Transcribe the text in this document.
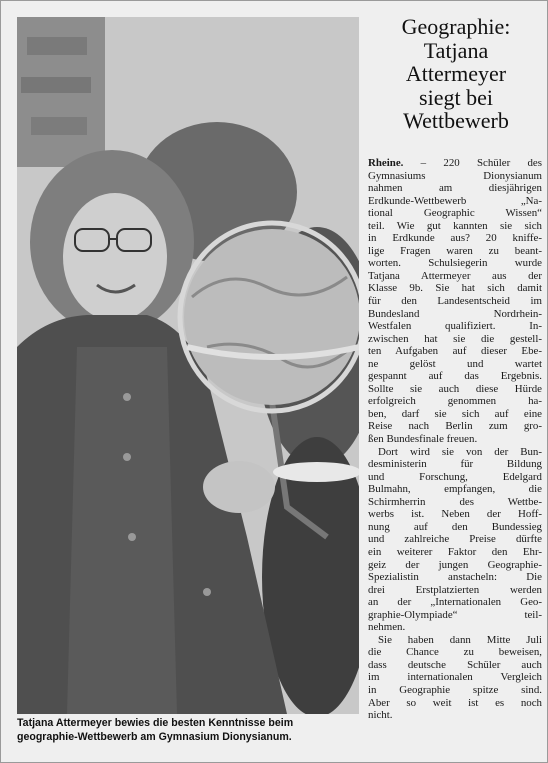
Tatjana Attermeyer bewies die besten Kenntnisse beim
geographie-Wettbewerb am Gymnasium Dionysianum.
Geographie:
Tatjana
Attermeyer
siegt bei
Wettbewerb
Rheine. – 220 Schüler des
Gymnasiums Dionysianum
nahmen am diesjährigen
Erdkunde-Wettbewerb „Na-
tional Geographic Wissen“
teil. Wie gut kannten sie sich
in Erdkunde aus? 20 kniffe-
lige Fragen waren zu beant-
worten. Schulsiegerin wurde
Tatjana Attermeyer aus der
Klasse 9b. Sie hat sich damit
für den Landesentscheid im
Bundesland Nordrhein-
Westfalen qualifiziert. In-
zwischen hat sie die gestell-
ten Aufgaben auf dieser Ebe-
ne gelöst und wartet
gespannt auf das Ergebnis.
Sollte sie auch diese Hürde
erfolgreich genommen ha-
ben, darf sie sich auf eine
Reise nach Berlin zum gro-
ßen Bundesfinale freuen.
Dort wird sie von der Bun-
desministerin für Bildung
und Forschung, Edelgard
Bulmahn, empfangen, die
Schirmherrin des Wettbe-
werbs ist. Neben der Hoff-
nung auf den Bundessieg
und zahlreiche Preise dürfte
ein weiterer Faktor den Ehr-
geiz der jungen Geographie-
Spezialistin anstacheln: Die
drei Erstplatzierten werden
an der „Internationalen Geo-
graphie-Olympiade“ teil-
nehmen.
Sie haben dann Mitte Juli
die Chance zu beweisen,
dass deutsche Schüler auch
im internationalen Vergleich
in Geographie spitze sind.
Aber so weit ist es noch
nicht.
